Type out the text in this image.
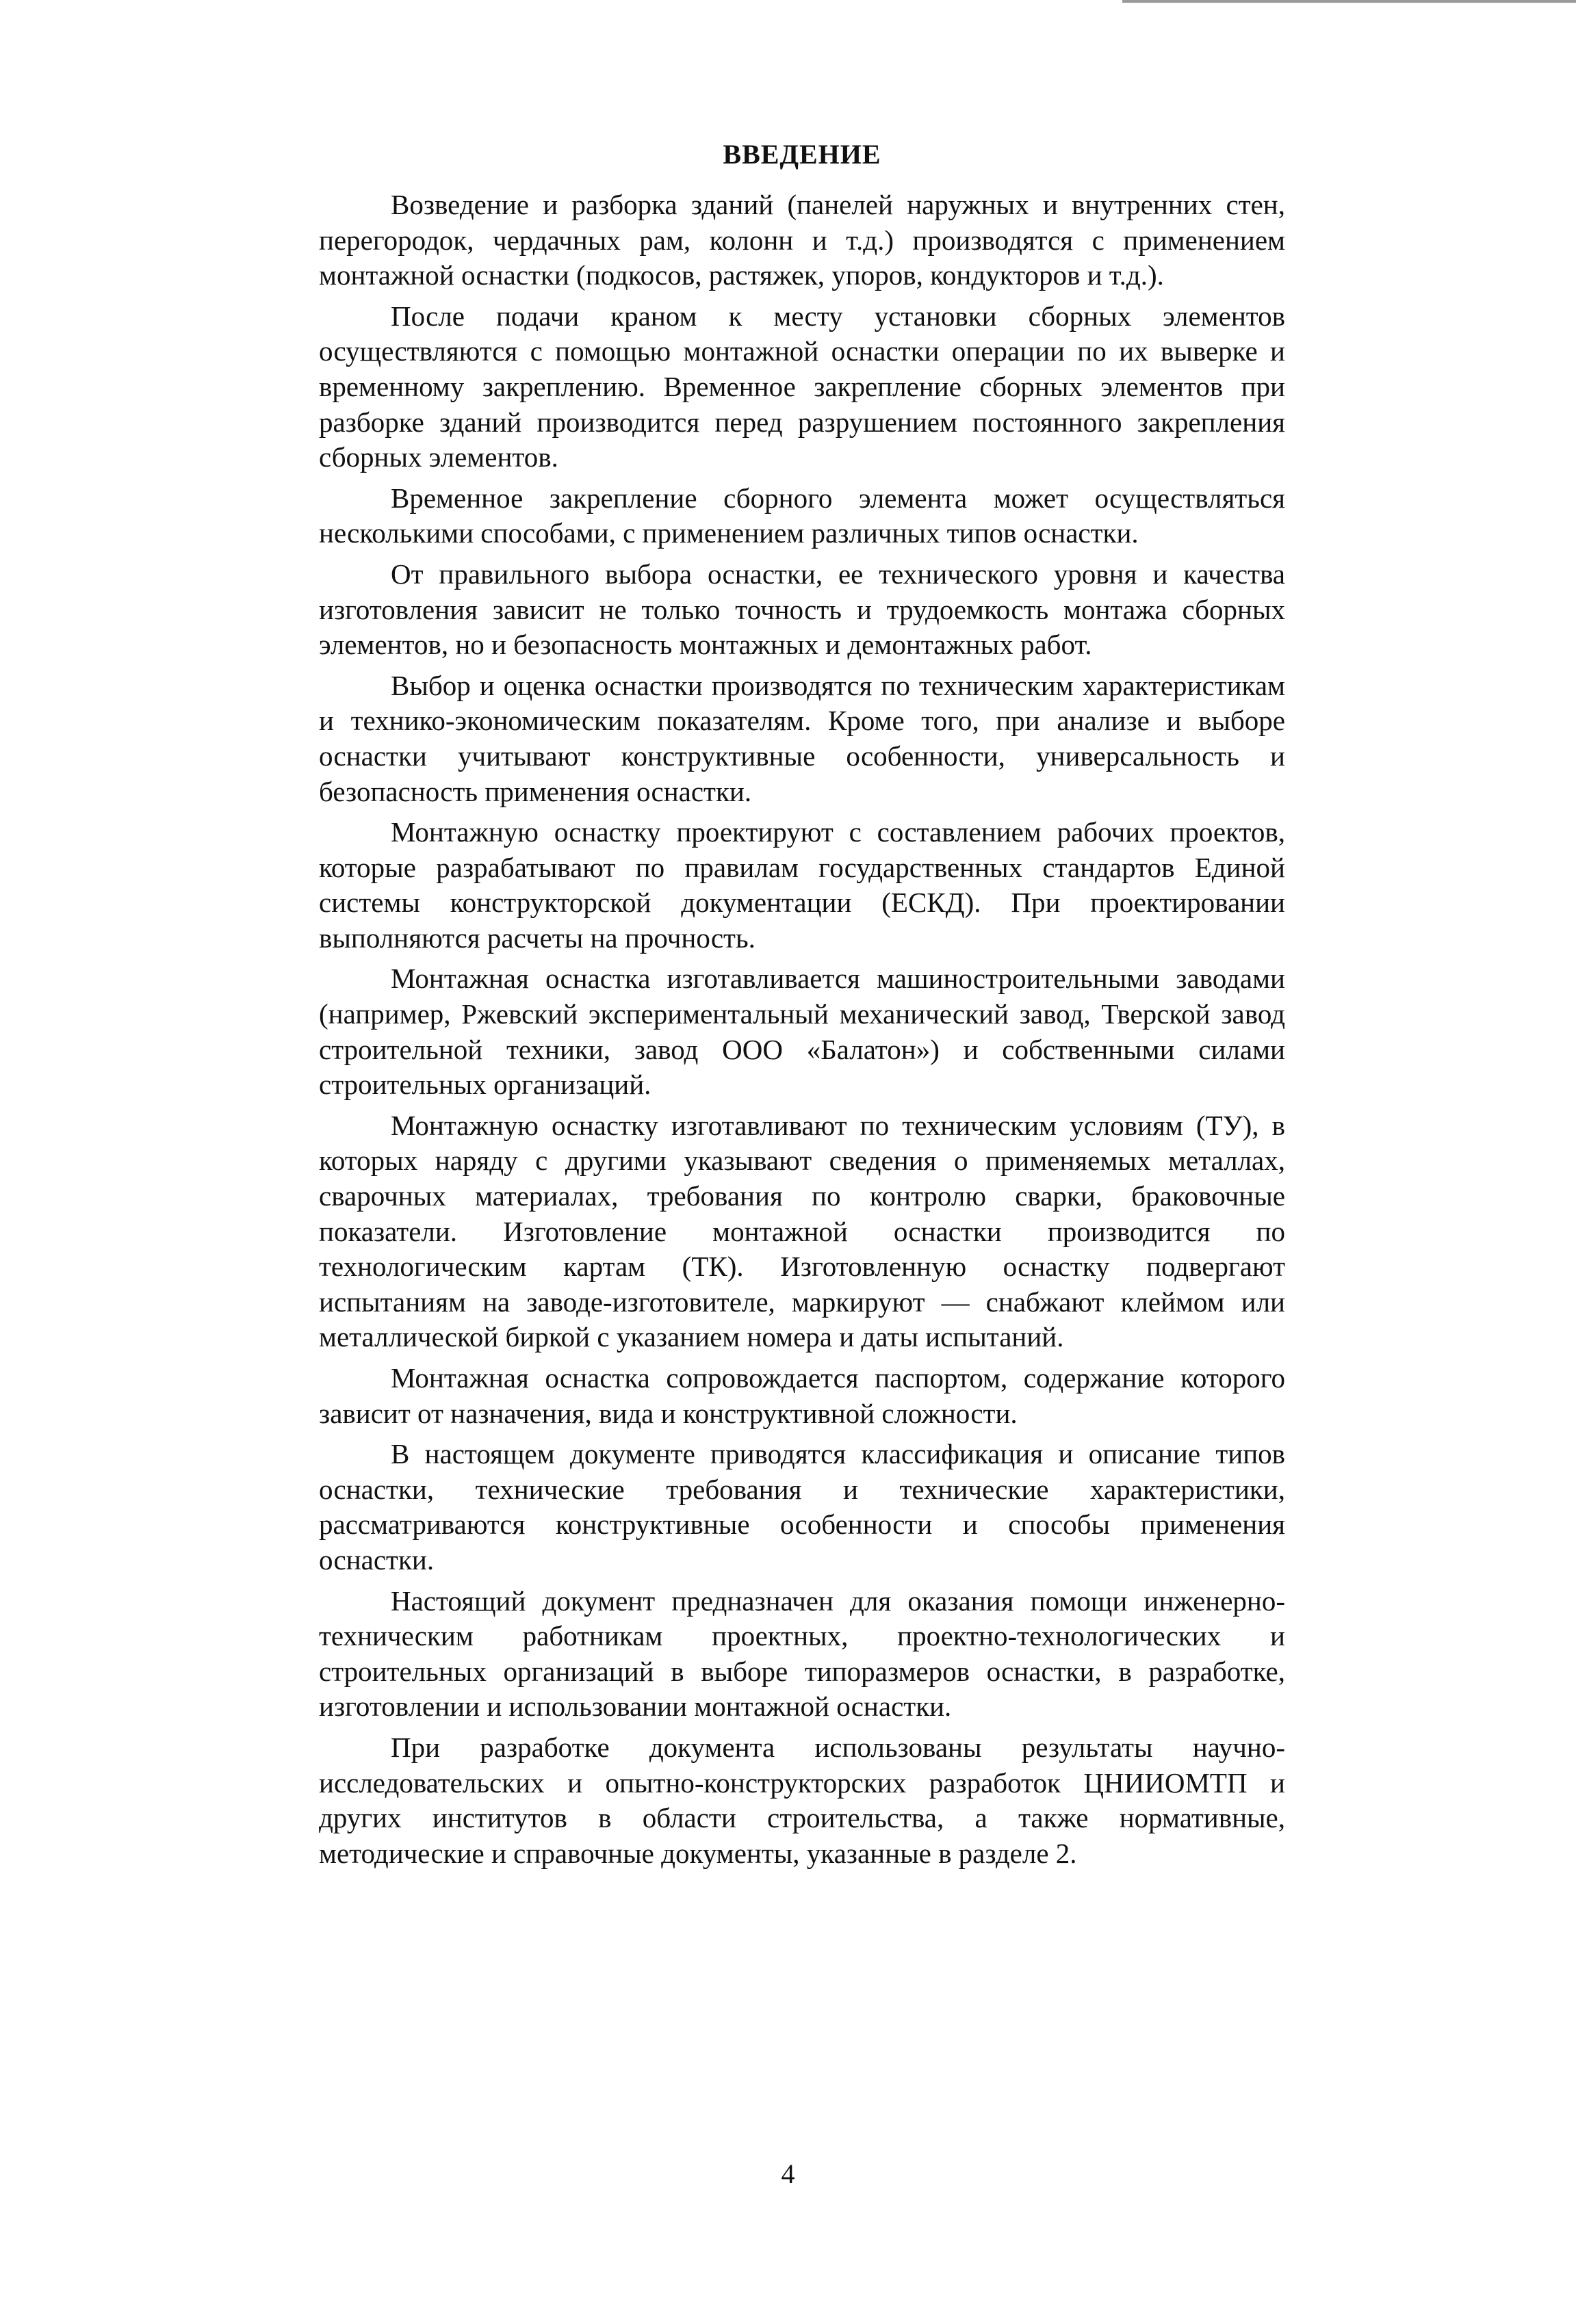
ВВЕДЕНИЕ

Возведение и разборка зданий (панелей наружных и внутренних стен, перегородок, чердачных рам, колонн и т.д.) производятся с применением монтажной оснастки (подкосов, растяжек, упоров, кондукторов и т.д.).

После подачи краном к месту установки сборных элементов осуществляются с помощью монтажной оснастки операции по их выверке и временному закреплению. Временное закрепление сборных элементов при разборке зданий производится перед разрушением постоянного закрепления сборных элементов.

Временное закрепление сборного элемента может осуществляться несколькими способами, с применением различных типов оснастки.

От правильного выбора оснастки, ее технического уровня и качества изготовления зависит не только точность и трудоемкость монтажа сборных элементов, но и безопасность монтажных и демонтажных работ.

Выбор и оценка оснастки производятся по техническим характеристикам и технико-экономическим показателям. Кроме того, при анализе и выборе оснастки учитывают конструктивные особенности, универсальность и безопасность применения оснастки.

Монтажную оснастку проектируют с составлением рабочих проектов, которые разрабатывают по правилам государственных стандартов Единой системы конструкторской документации (ЕСКД). При проектировании выполняются расчеты на прочность.

Монтажная оснастка изготавливается машиностроительными заводами (например, Ржевский экспериментальный механический завод, Тверской завод строительной техники, завод ООО «Балатон») и собственными силами строительных организаций.

Монтажную оснастку изготавливают по техническим условиям (ТУ), в которых наряду с другими указывают сведения о применяемых металлах, сварочных материалах, требования по контролю сварки, браковочные показатели. Изготовление монтажной оснастки производится по технологическим картам (ТК). Изготовленную оснастку подвергают испытаниям на заводе-изготовителе, маркируют — снабжают клеймом или металлической биркой с указанием номера и даты испытаний.

Монтажная оснастка сопровождается паспортом, содержание которого зависит от назначения, вида и конструктивной сложности.

В настоящем документе приводятся классификация и описание типов оснастки, технические требования и технические характеристики, рассматриваются конструктивные особенности и способы применения оснастки.

Настоящий документ предназначен для оказания помощи инженерно-техническим работникам проектных, проектно-технологических и строительных организаций в выборе типоразмеров оснастки, в разработке, изготовлении и использовании монтажной оснастки.

При разработке документа использованы результаты научно-исследовательских и опытно-конструкторских разработок ЦНИИОМТП и других институтов в области строительства, а также нормативные, методические и справочные документы, указанные в разделе 2.

4
